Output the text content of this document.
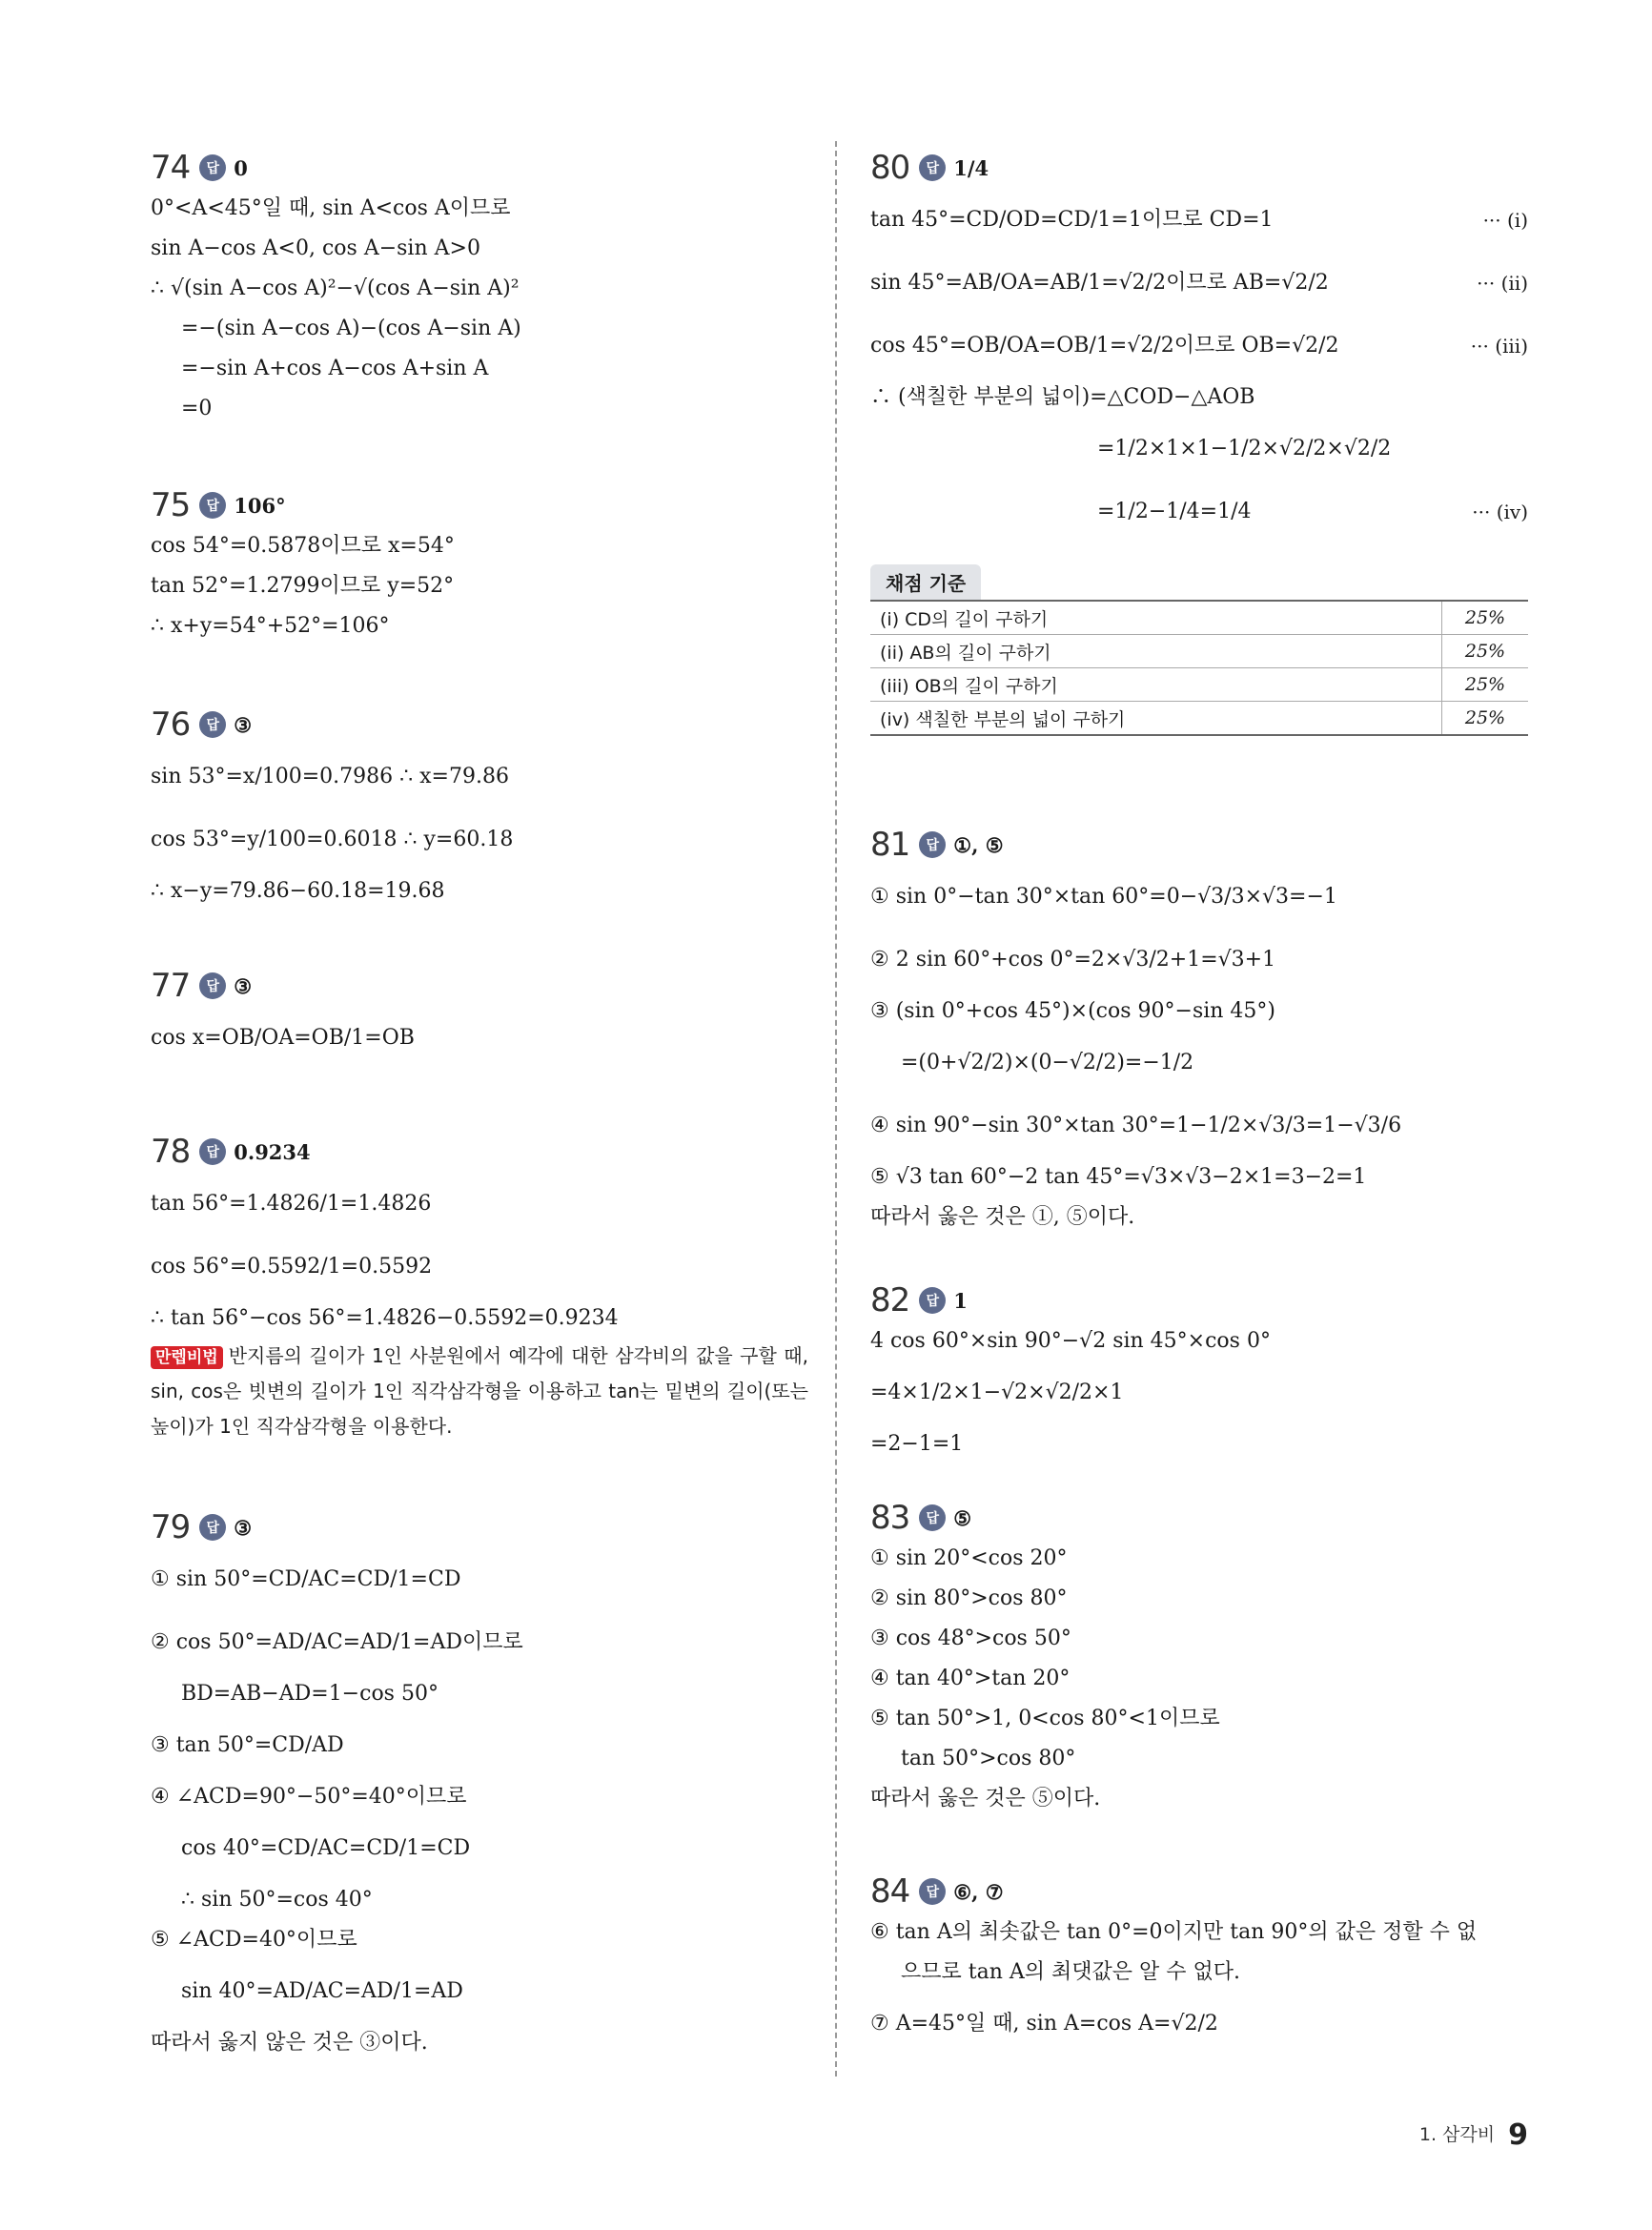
74	답 0
0°<A<45°일 때, sin A<cos A이므로
sin A−cos A<0, cos A−sin A>0
∴ √(sin A−cos A)²−√(cos A−sin A)²
=−(sin A−cos A)−(cos A−sin A)
=−sin A+cos A−cos A+sin A
=0
75	답 106°
cos 54°=0.5878이므로 x=54°
tan 52°=1.2799이므로 y=52°
∴ x+y=54°+52°=106°
76	답 ③
sin 53°=x/100=0.7986 ∴ x=79.86
cos 53°=y/100=0.6018 ∴ y=60.18
∴ x−y=79.86−60.18=19.68
77	답 ③
cos x=OB/OA=OB/1=OB
78	답 0.9234
tan 56°=1.4826/1=1.4826
cos 56°=0.5592/1=0.5592
∴ tan 56°−cos 56°=1.4826−0.5592=0.9234
만렙비법 반지름의 길이가 1인 사분원에서 예각에 대한 삼각비의 값을 구할 때, sin, cos은 빗변의 길이가 1인 직각삼각형을 이용하고 tan는 밑변의 길이(또는 높이)가 1인 직각삼각형을 이용한다.
79	답 ③
① sin 50°=CD/AC=CD/1=CD
② cos 50°=AD/AC=AD/1=AD이므로
BD=AB−AD=1−cos 50°
③ tan 50°=CD/AD
④ ∠ACD=90°−50°=40°이므로
cos 40°=CD/AC=CD/1=CD
∴ sin 50°=cos 40°
⑤ ∠ACD=40°이므로
sin 40°=AD/AC=AD/1=AD
따라서 옳지 않은 것은 ③이다.
80	답 1/4
tan 45°=CD/OD=CD/1=1이므로 CD=1	··· (i)
sin 45°=AB/OA=AB/1=√2/2이므로 AB=√2/2	··· (ii)
cos 45°=OB/OA=OB/1=√2/2이므로 OB=√2/2	··· (iii)
∴ (색칠한 부분의 넓이)=△COD−△AOB
=1/2×1×1−1/2×√2/2×√2/2
=1/2−1/4=1/4	··· (iv)
채점 기준
(i) CD의 길이 구하기	25%
(ii) AB의 길이 구하기	25%
(iii) OB의 길이 구하기	25%
(iv) 색칠한 부분의 넓이 구하기	25%
81	답 ①, ⑤
① sin 0°−tan 30°×tan 60°=0−√3/3×√3=−1
② 2 sin 60°+cos 0°=2×√3/2+1=√3+1
③ (sin 0°+cos 45°)×(cos 90°−sin 45°)
=(0+√2/2)×(0−√2/2)=−1/2
④ sin 90°−sin 30°×tan 30°=1−1/2×√3/3=1−√3/6
⑤ √3 tan 60°−2 tan 45°=√3×√3−2×1=3−2=1
따라서 옳은 것은 ①, ⑤이다.
82	답 1
4 cos 60°×sin 90°−√2 sin 45°×cos 0°
=4×1/2×1−√2×√2/2×1
=2−1=1
83	답 ⑤
① sin 20°<cos 20°
② sin 80°>cos 80°
③ cos 48°>cos 50°
④ tan 40°>tan 20°
⑤ tan 50°>1, 0<cos 80°<1이므로
tan 50°>cos 80°
따라서 옳은 것은 ⑤이다.
84	답 ⑥, ⑦
⑥ tan A의 최솟값은 tan 0°=0이지만 tan 90°의 값은 정할 수 없
으므로 tan A의 최댓값은 알 수 없다.
⑦ A=45°일 때, sin A=cos A=√2/2
1. 삼각비 9
